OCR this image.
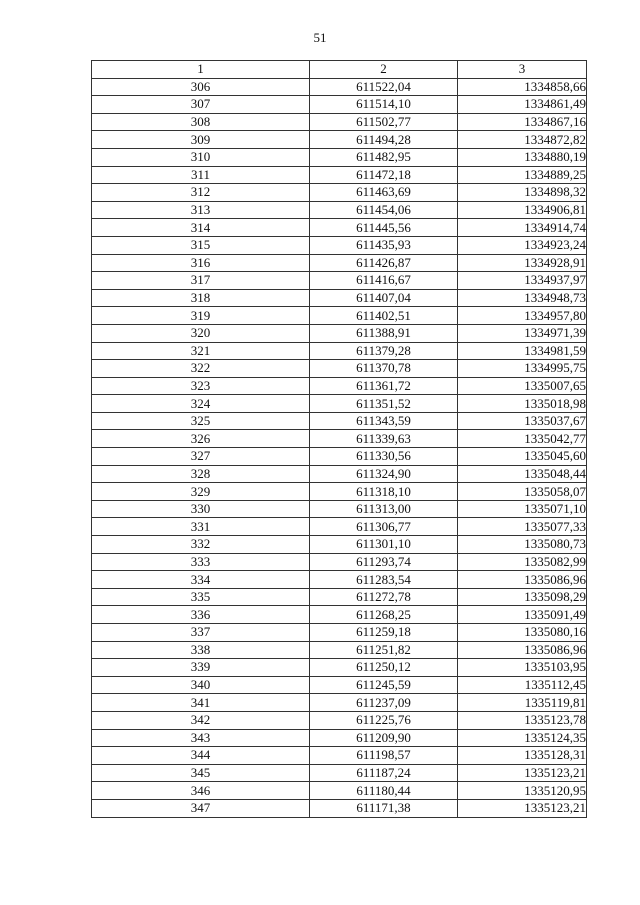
51
1	2	3
306	611522,04	1334858,66
307	611514,10	1334861,49
308	611502,77	1334867,16
309	611494,28	1334872,82
310	611482,95	1334880,19
311	611472,18	1334889,25
312	611463,69	1334898,32
313	611454,06	1334906,81
314	611445,56	1334914,74
315	611435,93	1334923,24
316	611426,87	1334928,91
317	611416,67	1334937,97
318	611407,04	1334948,73
319	611402,51	1334957,80
320	611388,91	1334971,39
321	611379,28	1334981,59
322	611370,78	1334995,75
323	611361,72	1335007,65
324	611351,52	1335018,98
325	611343,59	1335037,67
326	611339,63	1335042,77
327	611330,56	1335045,60
328	611324,90	1335048,44
329	611318,10	1335058,07
330	611313,00	1335071,10
331	611306,77	1335077,33
332	611301,10	1335080,73
333	611293,74	1335082,99
334	611283,54	1335086,96
335	611272,78	1335098,29
336	611268,25	1335091,49
337	611259,18	1335080,16
338	611251,82	1335086,96
339	611250,12	1335103,95
340	611245,59	1335112,45
341	611237,09	1335119,81
342	611225,76	1335123,78
343	611209,90	1335124,35
344	611198,57	1335128,31
345	611187,24	1335123,21
346	611180,44	1335120,95
347	611171,38	1335123,21
